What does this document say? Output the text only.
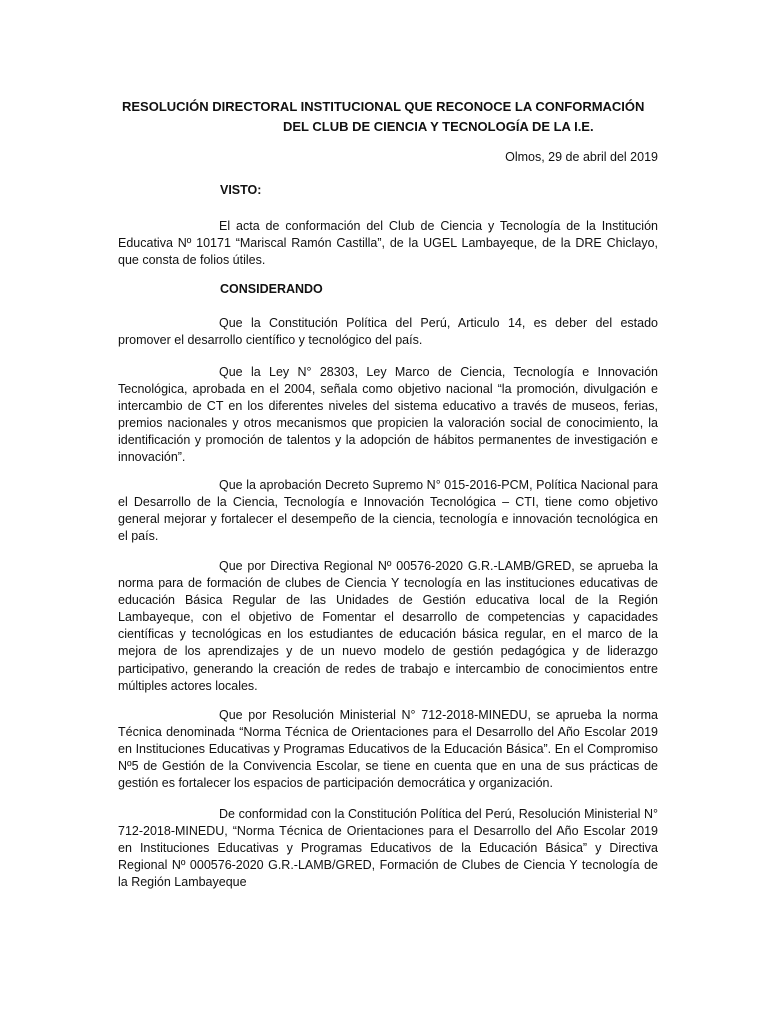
RESOLUCIÓN DIRECTORAL INSTITUCIONAL QUE RECONOCE LA CONFORMACIÓN
DEL CLUB DE CIENCIA Y TECNOLOGÍA DE LA I.E.
Olmos, 29 de abril del 2019
VISTO:
El acta de conformación del Club de Ciencia y Tecnología de la Institución Educativa Nº 10171 “Mariscal Ramón Castilla”, de la UGEL Lambayeque, de la DRE Chiclayo, que consta de folios útiles.
CONSIDERANDO
Que la Constitución Política del Perú, Articulo 14, es deber del estado promover el desarrollo científico y tecnológico del país.
Que la Ley N° 28303, Ley Marco de Ciencia, Tecnología e Innovación Tecnológica, aprobada en el 2004, señala como objetivo nacional “la promoción, divulgación e intercambio de CT en los diferentes niveles del sistema educativo a través de museos, ferias, premios nacionales y otros mecanismos que propicien la valoración social de conocimiento, la identificación y promoción de talentos y la adopción de hábitos permanentes de investigación e innovación”.
Que la aprobación Decreto Supremo N° 015-2016-PCM, Política Nacional para el Desarrollo de la Ciencia, Tecnología e Innovación Tecnológica – CTI, tiene como objetivo general mejorar y fortalecer el desempeño de la ciencia, tecnología e innovación tecnológica en el país.
Que por Directiva Regional Nº 00576-2020 G.R.-LAMB/GRED, se aprueba la norma para de formación de clubes de Ciencia Y tecnología en las instituciones educativas de educación Básica Regular de las Unidades de Gestión educativa local de la Región Lambayeque, con el objetivo de Fomentar el desarrollo de competencias y capacidades científicas y tecnológicas en los estudiantes de educación básica regular, en el marco de la mejora de los aprendizajes y de un nuevo modelo de gestión pedagógica y de liderazgo participativo, generando la creación de redes de trabajo e intercambio de conocimientos entre múltiples actores locales.
Que por Resolución Ministerial N° 712-2018-MINEDU, se aprueba la norma Técnica denominada “Norma Técnica de Orientaciones para el Desarrollo del Año Escolar 2019 en Instituciones Educativas y Programas Educativos de la Educación Básica”. En el Compromiso Nº5 de Gestión de la Convivencia Escolar, se tiene en cuenta que en una de sus prácticas de gestión es fortalecer los espacios de participación democrática y organización.
De conformidad con la Constitución Política del Perú, Resolución Ministerial N° 712-2018-MINEDU, “Norma Técnica de Orientaciones para el Desarrollo del Año Escolar 2019 en Instituciones Educativas y Programas Educativos de la Educación Básica” y Directiva Regional Nº 000576-2020 G.R.-LAMB/GRED, Formación de Clubes de Ciencia Y tecnología de la Región Lambayeque
